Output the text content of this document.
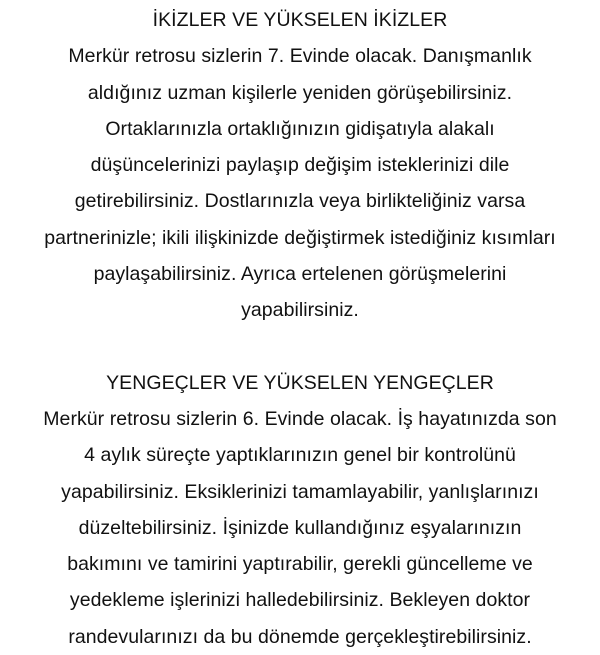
İKİZLER VE YÜKSELEN İKİZLER
Merkür retrosu sizlerin 7. Evinde olacak. Danışmanlık
aldığınız uzman kişilerle yeniden görüşebilirsiniz.
Ortaklarınızla ortaklığınızın gidişatıyla alakalı
düşüncelerinizi paylaşıp değişim isteklerinizi dile
getirebilirsiniz. Dostlarınızla veya birlikteliğiniz varsa
partnerinizle; ikili ilişkinizde değiştirmek istediğiniz kısımları
paylaşabilirsiniz. Ayrıca ertelenen görüşmelerini
yapabilirsiniz.
YENGEÇLER VE YÜKSELEN YENGEÇLER
Merkür retrosu sizlerin 6. Evinde olacak. İş hayatınızda son
4 aylık süreçte yaptıklarınızın genel bir kontrolünü
yapabilirsiniz. Eksiklerinizi tamamlayabilir, yanlışlarınızı
düzeltebilirsiniz. İşinizde kullandığınız eşyalarınızın
bakımını ve tamirini yaptırabilir, gerekli güncelleme ve
yedekleme işlerinizi halledebilirsiniz. Bekleyen doktor
randevularınızı da bu dönemde gerçekleştirebilirsiniz.
